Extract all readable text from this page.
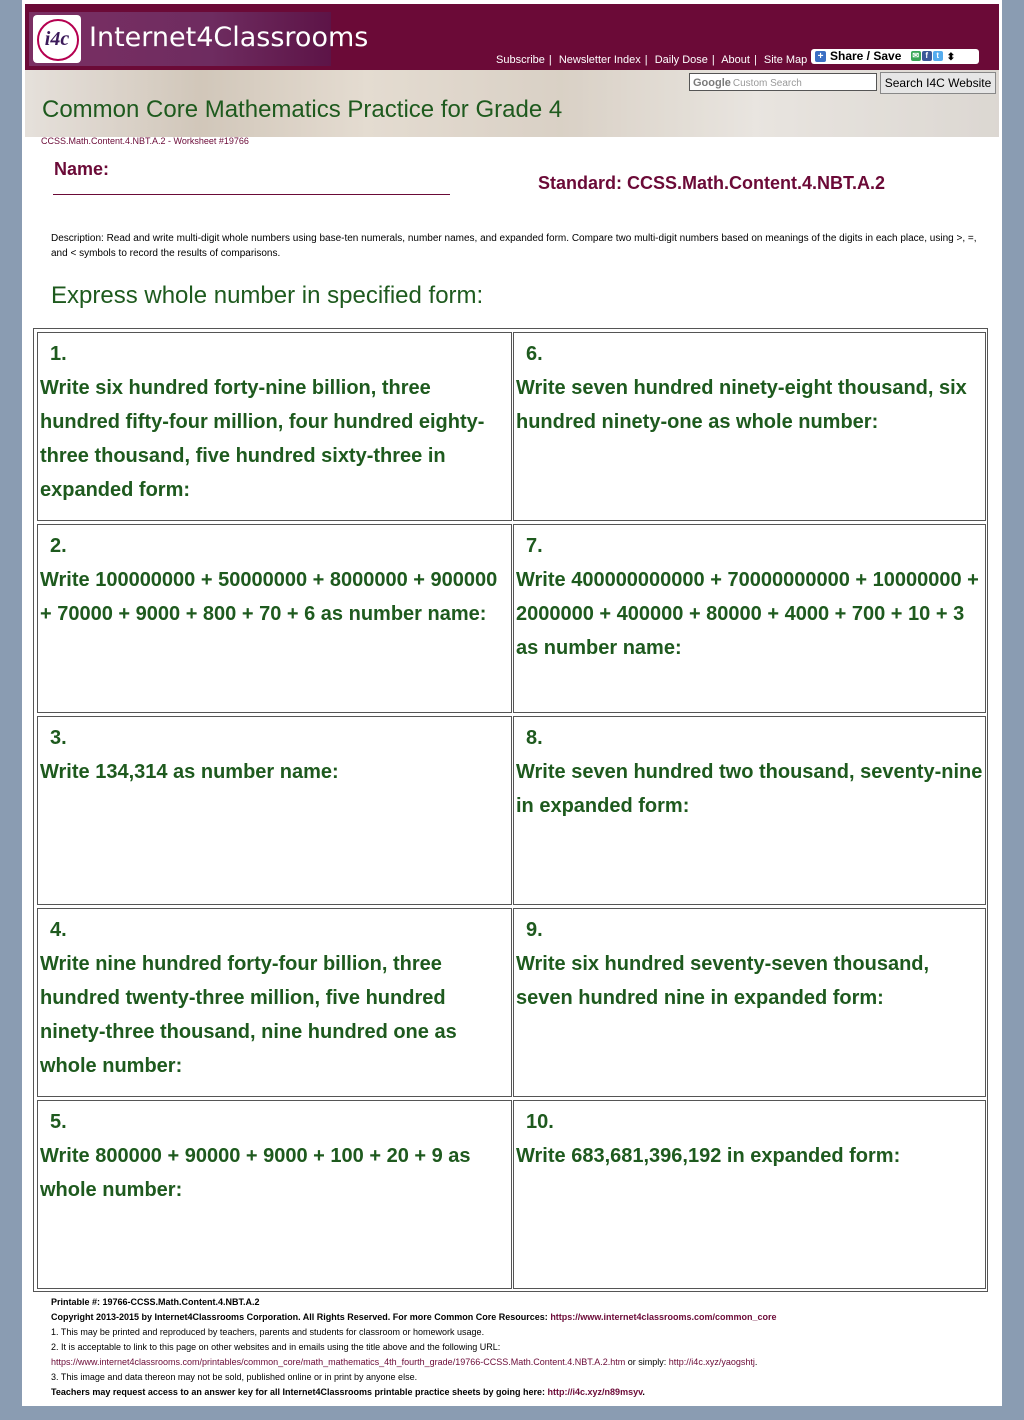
i4c Internet4Classrooms
Subscribe | Newsletter Index | Daily Dose | About | Site Map	+ Share / Save ✉ f t ⬍
Google Custom Search	Search I4C Website
Common Core Mathematics Practice for Grade 4
CCSS.Math.Content.4.NBT.A.2 - Worksheet #19766
Name:
Standard: CCSS.Math.Content.4.NBT.A.2
Description: Read and write multi-digit whole numbers using base-ten numerals, number names, and expanded form. Compare two multi-digit numbers based on meanings of the digits in each place, using >, =, and < symbols to record the results of comparisons.
Express whole number in specified form:
1.
Write six hundred forty-nine billion, three hundred fifty-four million, four hundred eighty-three thousand, five hundred sixty-three in expanded form:
2.
Write 100000000 + 50000000 + 8000000 + 900000 + 70000 + 9000 + 800 + 70 + 6 as number name:
3.
Write 134,314 as number name:
4.
Write nine hundred forty-four billion, three hundred twenty-three million, five hundred ninety-three thousand, nine hundred one as whole number:
5.
Write 800000 + 90000 + 9000 + 100 + 20 + 9 as whole number:
6.
Write seven hundred ninety-eight thousand, six hundred ninety-one as whole number:
7.
Write 400000000000 + 70000000000 + 10000000 + 2000000 + 400000 + 80000 + 4000 + 700 + 10 + 3 as number name:
8.
Write seven hundred two thousand, seventy-nine in expanded form:
9.
Write six hundred seventy-seven thousand, seven hundred nine in expanded form:
10.
Write 683,681,396,192 in expanded form:
Printable #: 19766-CCSS.Math.Content.4.NBT.A.2
Copyright 2013-2015 by Internet4Classrooms Corporation. All Rights Reserved. For more Common Core Resources: https://www.internet4classrooms.com/common_core
1. This may be printed and reproduced by teachers, parents and students for classroom or homework usage.
2. It is acceptable to link to this page on other websites and in emails using the title above and the following URL:
https://www.internet4classrooms.com/printables/common_core/math_mathematics_4th_fourth_grade/19766-CCSS.Math.Content.4.NBT.A.2.htm or simply: http://i4c.xyz/yaogshtj.
3. This image and data thereon may not be sold, published online or in print by anyone else.
Teachers may request access to an answer key for all Internet4Classrooms printable practice sheets by going here: http://i4c.xyz/n89msyv.
